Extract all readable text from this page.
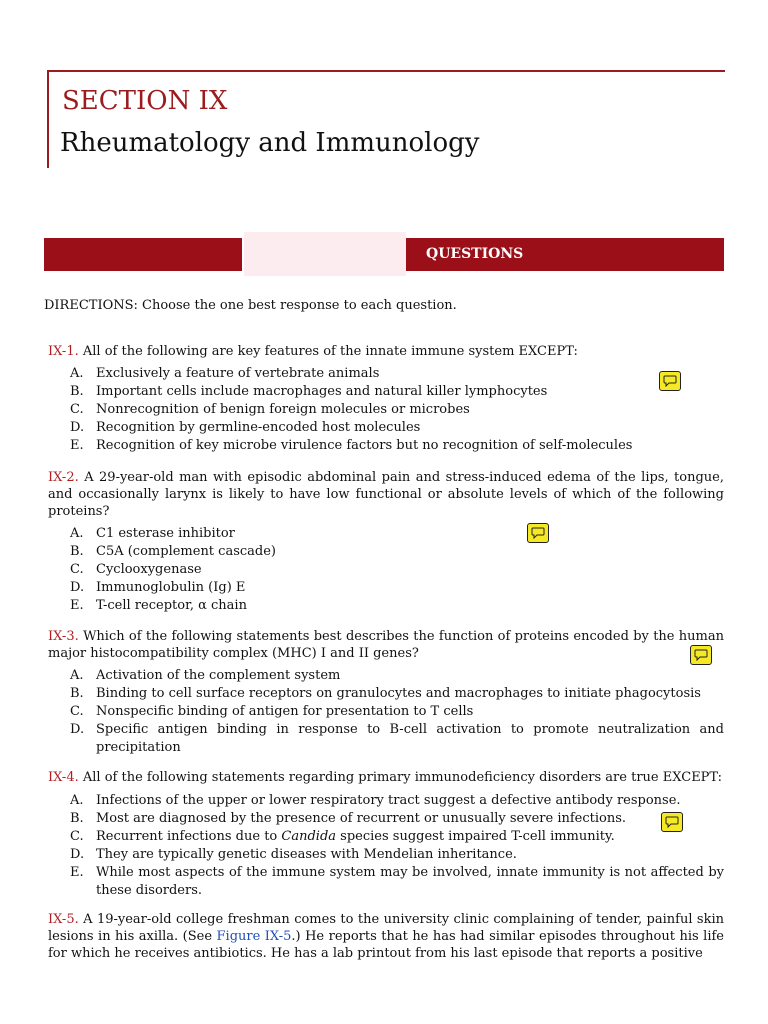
SECTION IX
Rheumatology and Immunology
QUESTIONS
DIRECTIONS: Choose the one best response to each question.
IX-1. All of the following are key features of the innate immune system EXCEPT:
A. Exclusively a feature of vertebrate animals
B. Important cells include macrophages and natural killer lymphocytes
C. Nonrecognition of benign foreign molecules or microbes
D. Recognition by germline-encoded host molecules
E. Recognition of key microbe virulence factors but no recognition of self-molecules
IX-2. A 29-year-old man with episodic abdominal pain and stress-induced edema of the lips, tongue, and occasionally larynx is likely to have low functional or absolute levels of which of the following proteins?
A. C1 esterase inhibitor
B. C5A (complement cascade)
C. Cyclooxygenase
D. Immunoglobulin (Ig) E
E. T-cell receptor, α chain
IX-3. Which of the following statements best describes the function of proteins encoded by the human major histocompatibility complex (MHC) I and II genes?
A. Activation of the complement system
B. Binding to cell surface receptors on granulocytes and macrophages to initiate phagocytosis
C. Nonspecific binding of antigen for presentation to T cells
D. Specific antigen binding in response to B-cell activation to promote neutralization and precipitation
IX-4. All of the following statements regarding primary immunodeficiency disorders are true EXCEPT:
A. Infections of the upper or lower respiratory tract suggest a defective antibody response.
B. Most are diagnosed by the presence of recurrent or unusually severe infections.
C. Recurrent infections due to Candida species suggest impaired T-cell immunity.
D. They are typically genetic diseases with Mendelian inheritance.
E. While most aspects of the immune system may be involved, innate immunity is not affected by these disorders.
IX-5. A 19-year-old college freshman comes to the university clinic complaining of tender, painful skin lesions in his axilla. (See Figure IX-5.) He reports that he has had similar episodes throughout his life for which he receives antibiotics. He has a lab printout from his last episode that reports a positive
